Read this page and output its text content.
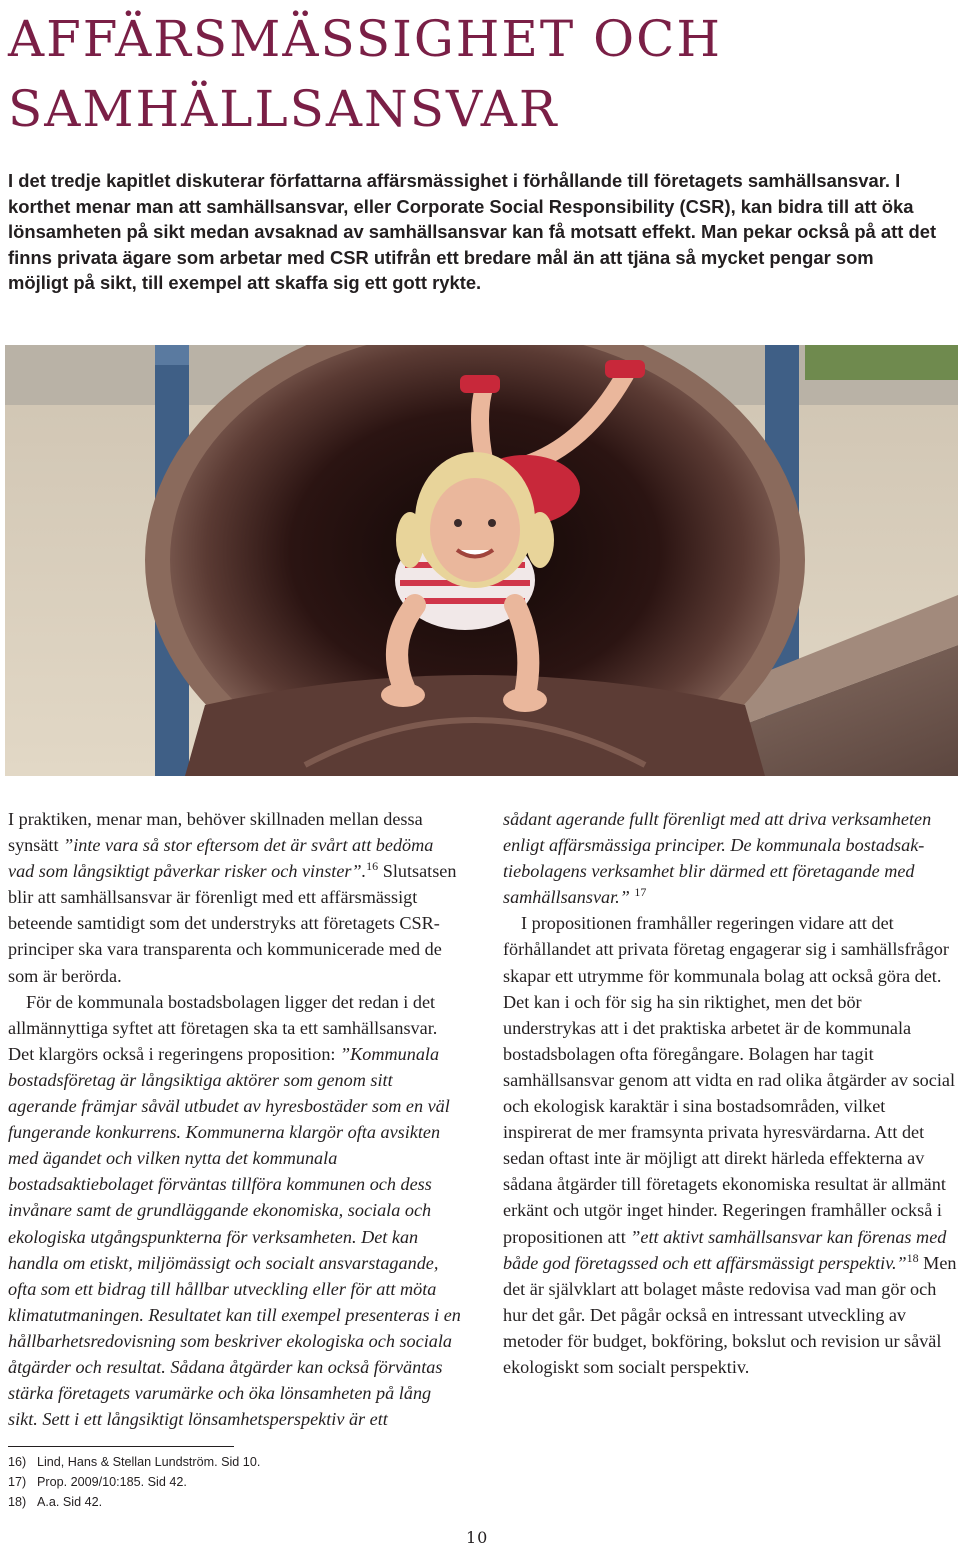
AFFÄRSMÄSSIGHET OCH
SAMHÄLLSANSVAR

I det tredje kapitlet diskuterar författarna affärsmässighet i förhållande till företagets samhällsansvar. I korthet menar man att samhällsansvar, eller Corporate Social Responsibility (CSR), kan bidra till att öka lönsamheten på sikt medan avsaknad av samhällsansvar kan få motsatt effekt. Man pekar också på att det finns privata ägare som arbetar med CSR utifrån ett bredare mål än att tjäna så mycket pengar som möjligt på sikt, till exempel att skaffa sig ett gott rykte.

I praktiken, menar man, behöver skillnaden mellan dessa synsätt ”inte vara så stor eftersom det är svårt att bedöma vad som långsiktigt påverkar risker och vinster”.$^{16}$ Slutsatsen blir att samhällsansvar är förenligt med ett affärsmässigt beteende samtidigt som det understryks att företagets CSR-principer ska vara transparenta och kommunicerade med de som är berörda.

För de kommunala bostadsbolagen ligger det redan i det allmännyttiga syftet att företagen ska ta ett samhällsansvar. Det klargörs också i regeringens proposition: ”Kommunala bostadsföretag är långsiktiga aktörer som genom sitt agerande främjar såväl utbudet av hyresbostäder som en väl fungerande konkurrens. Kommunerna klargör ofta avsikten med ägandet och vilken nytta det kommunala bostadsaktiebolaget förväntas tillföra kommunen och dess invånare samt de grundläggande ekonomiska, sociala och ekologiska utgångspunkterna för verksamheten. Det kan handla om etiskt, miljömässigt och socialt ansvarstagande, ofta som ett bidrag till hållbar utveckling eller för att möta klimatutmaningen. Resultatet kan till exempel presenteras i en hållbarhetsredovisning som beskriver ekologiska och sociala åtgärder och resultat. Sådana åtgärder kan också förväntas stärka företagets varumärke och öka lönsamheten på lång sikt. Sett i ett långsiktigt lönsamhetsperspektiv är ett

sådant agerande fullt förenligt med att driva verksamheten enligt affärsmässiga principer. De kommunala bostadsaktiebolagens verksamhet blir därmed ett företagande med samhällsansvar.” $^{17}$

I propositionen framhåller regeringen vidare att det förhållandet att privata företag engagerar sig i samhällsfrågor skapar ett utrymme för kommunala bolag att också göra det. Det kan i och för sig ha sin riktighet, men det bör understrykas att i det praktiska arbetet är de kommunala bostadsbolagen ofta föregångare. Bolagen har tagit samhällsansvar genom att vidta en rad olika åtgärder av social och ekologisk karaktär i sina bostadsområden, vilket inspirerat de mer framsynta privata hyresvärdarna. Att det sedan oftast inte är möjligt att direkt härleda effekterna av sådana åtgärder till företagets ekonomiska resultat är allmänt erkänt och utgör inget hinder. Regeringen framhåller också i propositionen att ”ett aktivt samhällsansvar kan förenas med både god företagssed och ett affärsmässigt perspektiv.”$^{18}$ Men det är självklart att bolaget måste redovisa vad man gör och hur det går. Det pågår också en intressant utveckling av metoder för budget, bokföring, bokslut och revision ur såväl ekologiskt som socialt perspektiv.

16) Lind, Hans & Stellan Lundström. Sid 10.
17) Prop. 2009/10:185. Sid 42.
18) A.a. Sid 42.
10
